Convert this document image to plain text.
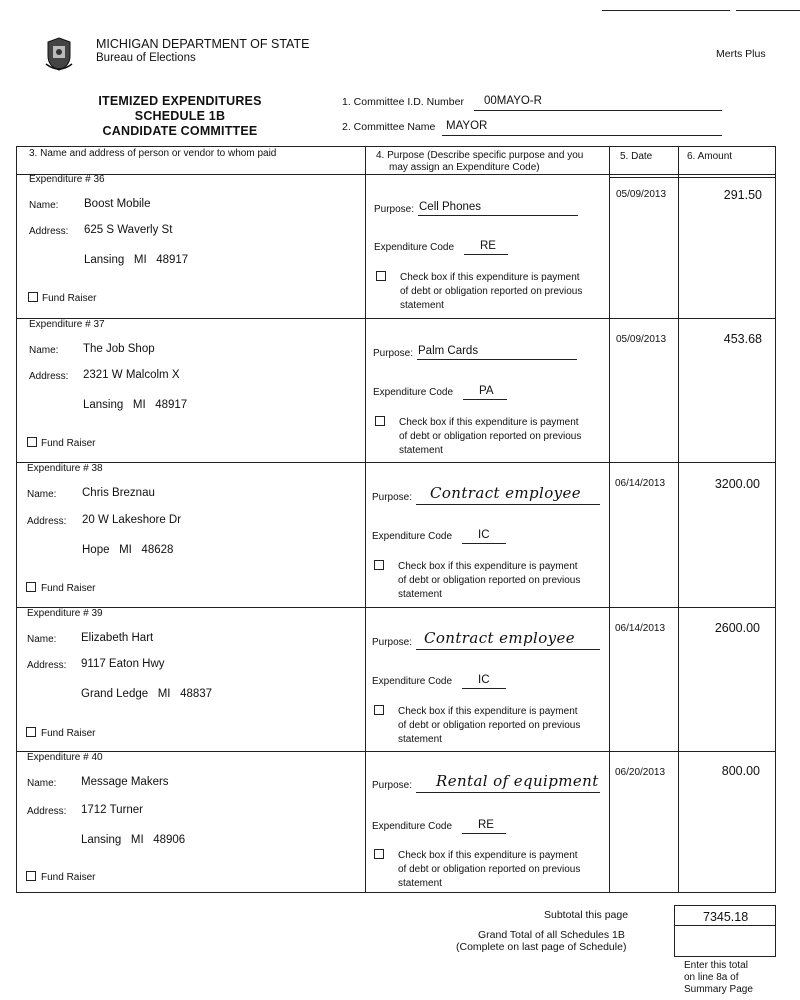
MICHIGAN DEPARTMENT OF STATE
Bureau of Elections	Merts Plus
ITEMIZED EXPENDITURES
SCHEDULE 1B
CANDIDATE COMMITTEE
1. Committee I.D. Number 00MAYO-R
2. Committee Name MAYOR
3. Name and address of person or vendor to whom paid	4. Purpose (Describe specific purpose and you
may assign an Expenditure Code)
5. Date	6. Amount
Expenditure # 36
Name: Boost Mobile
Address: 625 S Waverly St
Lansing   MI   48917
Fund Raiser
Purpose: Cell Phones
Expenditure Code RE
Check box if this expenditure is payment
of debt or obligation reported on previous
statement
05/09/2013	291.50
Expenditure # 37
Name: The Job Shop
Address: 2321 W Malcolm X
Lansing   MI   48917
Fund Raiser
Purpose: Palm Cards
Expenditure Code PA
Check box if this expenditure is payment
of debt or obligation reported on previous
statement
05/09/2013	453.68
Expenditure # 38
Name: Chris Breznau
Address: 20 W Lakeshore Dr
Hope   MI   48628
Fund Raiser
Purpose: Contract employee
Expenditure Code IC
Check box if this expenditure is payment
of debt or obligation reported on previous
statement
06/14/2013	3200.00
Expenditure # 39
Name: Elizabeth Hart
Address: 9117 Eaton Hwy
Grand Ledge   MI   48837
Fund Raiser
Purpose: Contract employee
Expenditure Code IC
Check box if this expenditure is payment
of debt or obligation reported on previous
statement
06/14/2013	2600.00
Expenditure # 40
Name: Message Makers
Address: 1712 Turner
Lansing   MI   48906
Fund Raiser
Purpose: Rental of equipment
Expenditure Code RE
Check box if this expenditure is payment
of debt or obligation reported on previous
statement
06/20/2013	800.00
Subtotal this page	7345.18
Grand Total of all Schedules 1B
(Complete on last page of Schedule)
Enter this total
on line 8a of
Summary Page
